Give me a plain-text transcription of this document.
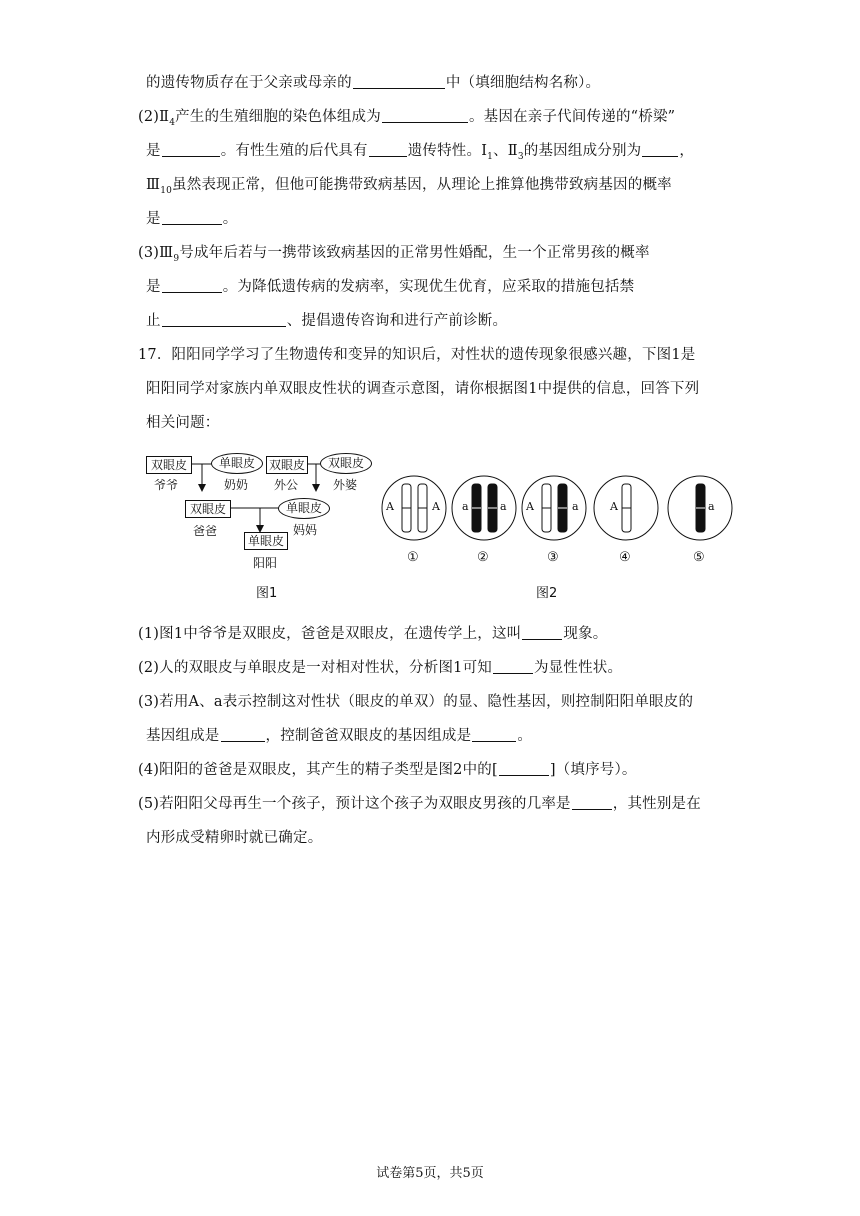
的遗传物质存在于父亲或母亲的	中（填细胞结构名称）。
$(2)Ⅱ_4$产生的生殖细胞的染色体组成为	。基因在亲子代间传递的“桥梁”
是	。有性生殖的后代具有	遗传特性。$Ⅰ_1$、$Ⅱ_3$的基因组成分别为	，
$Ⅲ_{10}$虽然表现正常，但他可能携带致病基因，从理论上推算他携带致病基因的概率
是	。
$(3)Ⅲ_9$号成年后若与一携带该致病基因的正常男性婚配，生一个正常男孩的概率
是	。为降低遗传病的发病率，实现优生优育，应采取的措施包括禁
止	、提倡遗传咨询和进行产前诊断。
17．阳阳同学学习了生物遗传和变异的知识后，对性状的遗传现象很感兴趣，下图1是
阳阳同学对家族内单双眼皮性状的调查示意图，请你根据图1中提供的信息，回答下列
相关问题：
(1)图1中爷爷是双眼皮，爸爸是双眼皮，在遗传学上，这叫	现象。
(2)人的双眼皮与单眼皮是一对相对性状，分析图1可知	为显性性状。
(3)若用A、a表示控制这对性状（眼皮的单双）的显、隐性基因，则控制阳阳单眼皮的
基因组成是	，控制爸爸双眼皮的基因组成是	。
(4)阳阳的爸爸是双眼皮，其产生的精子类型是图2中的[	]（填序号）。
(5)若阳阳父母再生一个孩子，预计这个孩子为双眼皮男孩的几率是	，其性别是在
内形成受精卵时就已确定。
双眼皮
爷爷
单眼皮
奶奶
双眼皮
外公
双眼皮
外婆
双眼皮
爸爸
单眼皮
妈妈
单眼皮
阳阳
图1
A	A
①
a	a
②
A	a
③
A
④
a
⑤
图2
试卷第5页，共5页
